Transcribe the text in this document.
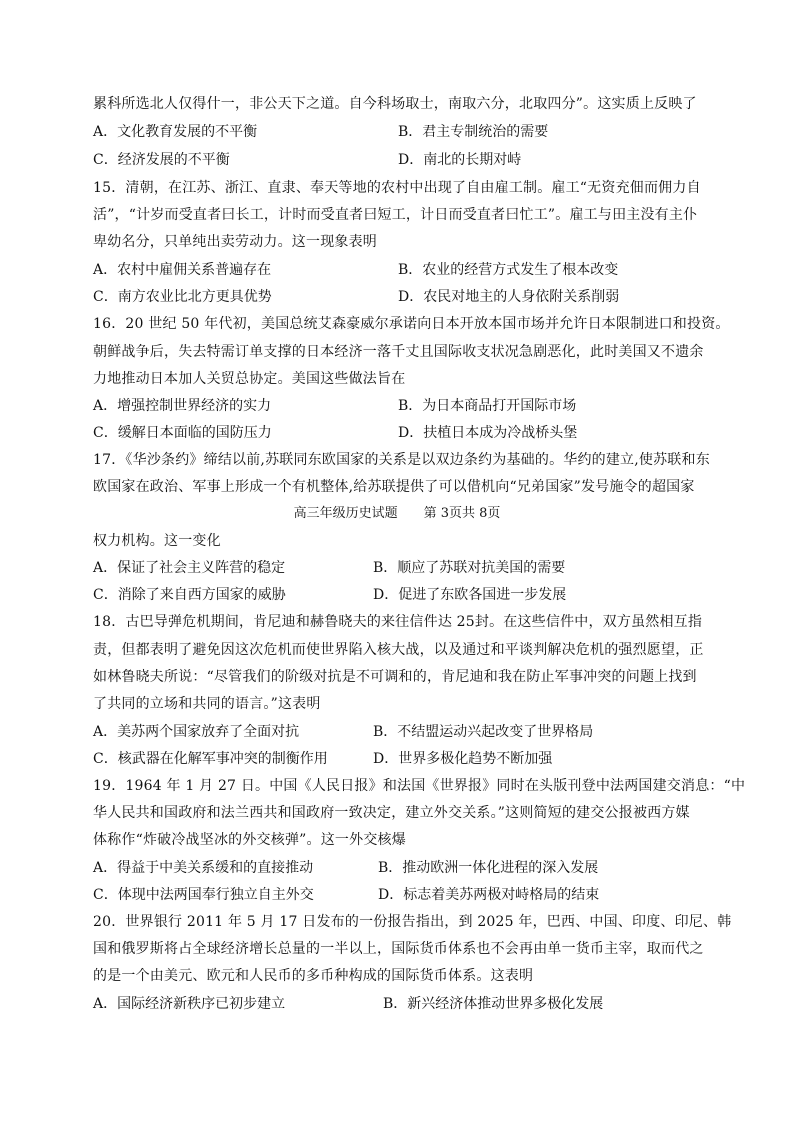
累科所选北人仅得什一，非公天下之道。自今科场取士，南取六分，北取四分”。这实质上反映了
A．文化教育发展的不平衡	B．君主专制统治的需要
C．经济发展的不平衡	D．南北的长期对峙
15．清朝，在江苏、浙江、直隶、奉天等地的农村中出现了自由雇工制。雇工“无资充佃而佣力自
活”，“计岁而受直者曰长工，计时而受直者曰短工，计日而受直者曰忙工”。雇工与田主没有主仆
卑幼名分，只单纯出卖劳动力。这一现象表明
A．农村中雇佣关系普遍存在	B．农业的经营方式发生了根本改变
C．南方农业比北方更具优势	D．农民对地主的人身依附关系削弱
16．20 世纪 50 年代初，美国总统艾森豪威尔承诺向日本开放本国市场并允许日本限制进口和投资。
朝鲜战争后，失去特需订单支撑的日本经济一落千丈且国际收支状况急剧恶化，此时美国又不遗余
力地推动日本加人关贸总协定。美国这些做法旨在
A．增强控制世界经济的实力	B．为日本商品打开国际市场
C．缓解日本面临的国防压力	D．扶植日本成为冷战桥头堡
17．《华沙条约》缔结以前,苏联同东欧国家的关系是以双边条约为基础的。华约的建立,使苏联和东
欧国家在政治、军事上形成一个有机整体,给苏联提供了可以借机向“兄弟国家”发号施令的超国家
高三年级历史试题　　第 3页共 8页
权力机构。这一变化
A．保证了社会主义阵营的稳定	B．顺应了苏联对抗美国的需要
C．消除了来自西方国家的威胁	D．促进了东欧各国进一步发展
18．古巴导弹危机期间，肯尼迪和赫鲁晓夫的来往信件达 25封。在这些信件中，双方虽然相互指
责，但都表明了避免因这次危机而使世界陷入核大战，以及通过和平谈判解决危机的强烈愿望，正
如林鲁晓夫所说：“尽管我们的阶级对抗是不可调和的，肯尼迪和我在防止军事冲突的问题上找到
了共同的立场和共同的语言。”这表明
A．美苏两个国家放弃了全面对抗	B．不结盟运动兴起改变了世界格局
C．核武器在化解军事冲突的制衡作用	D．世界多极化趋势不断加强
19．1964 年 1 月 27 日。中国《人民日报》和法国《世界报》同时在头版刊登中法两国建交消息：“中
华人民共和国政府和法兰西共和国政府一致决定，建立外交关系。”这则简短的建交公报被西方媒
体称作“炸破冷战坚冰的外交核弹”。这一外交核爆
A．得益于中美关系缓和的直接推动	B．推动欧洲一体化进程的深入发展
C．体现中法两国奉行独立自主外交	D．标志着美苏两极对峙格局的结束
20．世界银行 2011 年 5 月 17 日发布的一份报告指出，到 2025 年，巴西、中国、印度、印尼、韩
国和俄罗斯将占全球经济增长总量的一半以上，国际货币体系也不会再由单一货币主宰，取而代之
的是一个由美元、欧元和人民币的多币种构成的国际货币体系。这表明
A．国际经济新秩序已初步建立	B．新兴经济体推动世界多极化发展
